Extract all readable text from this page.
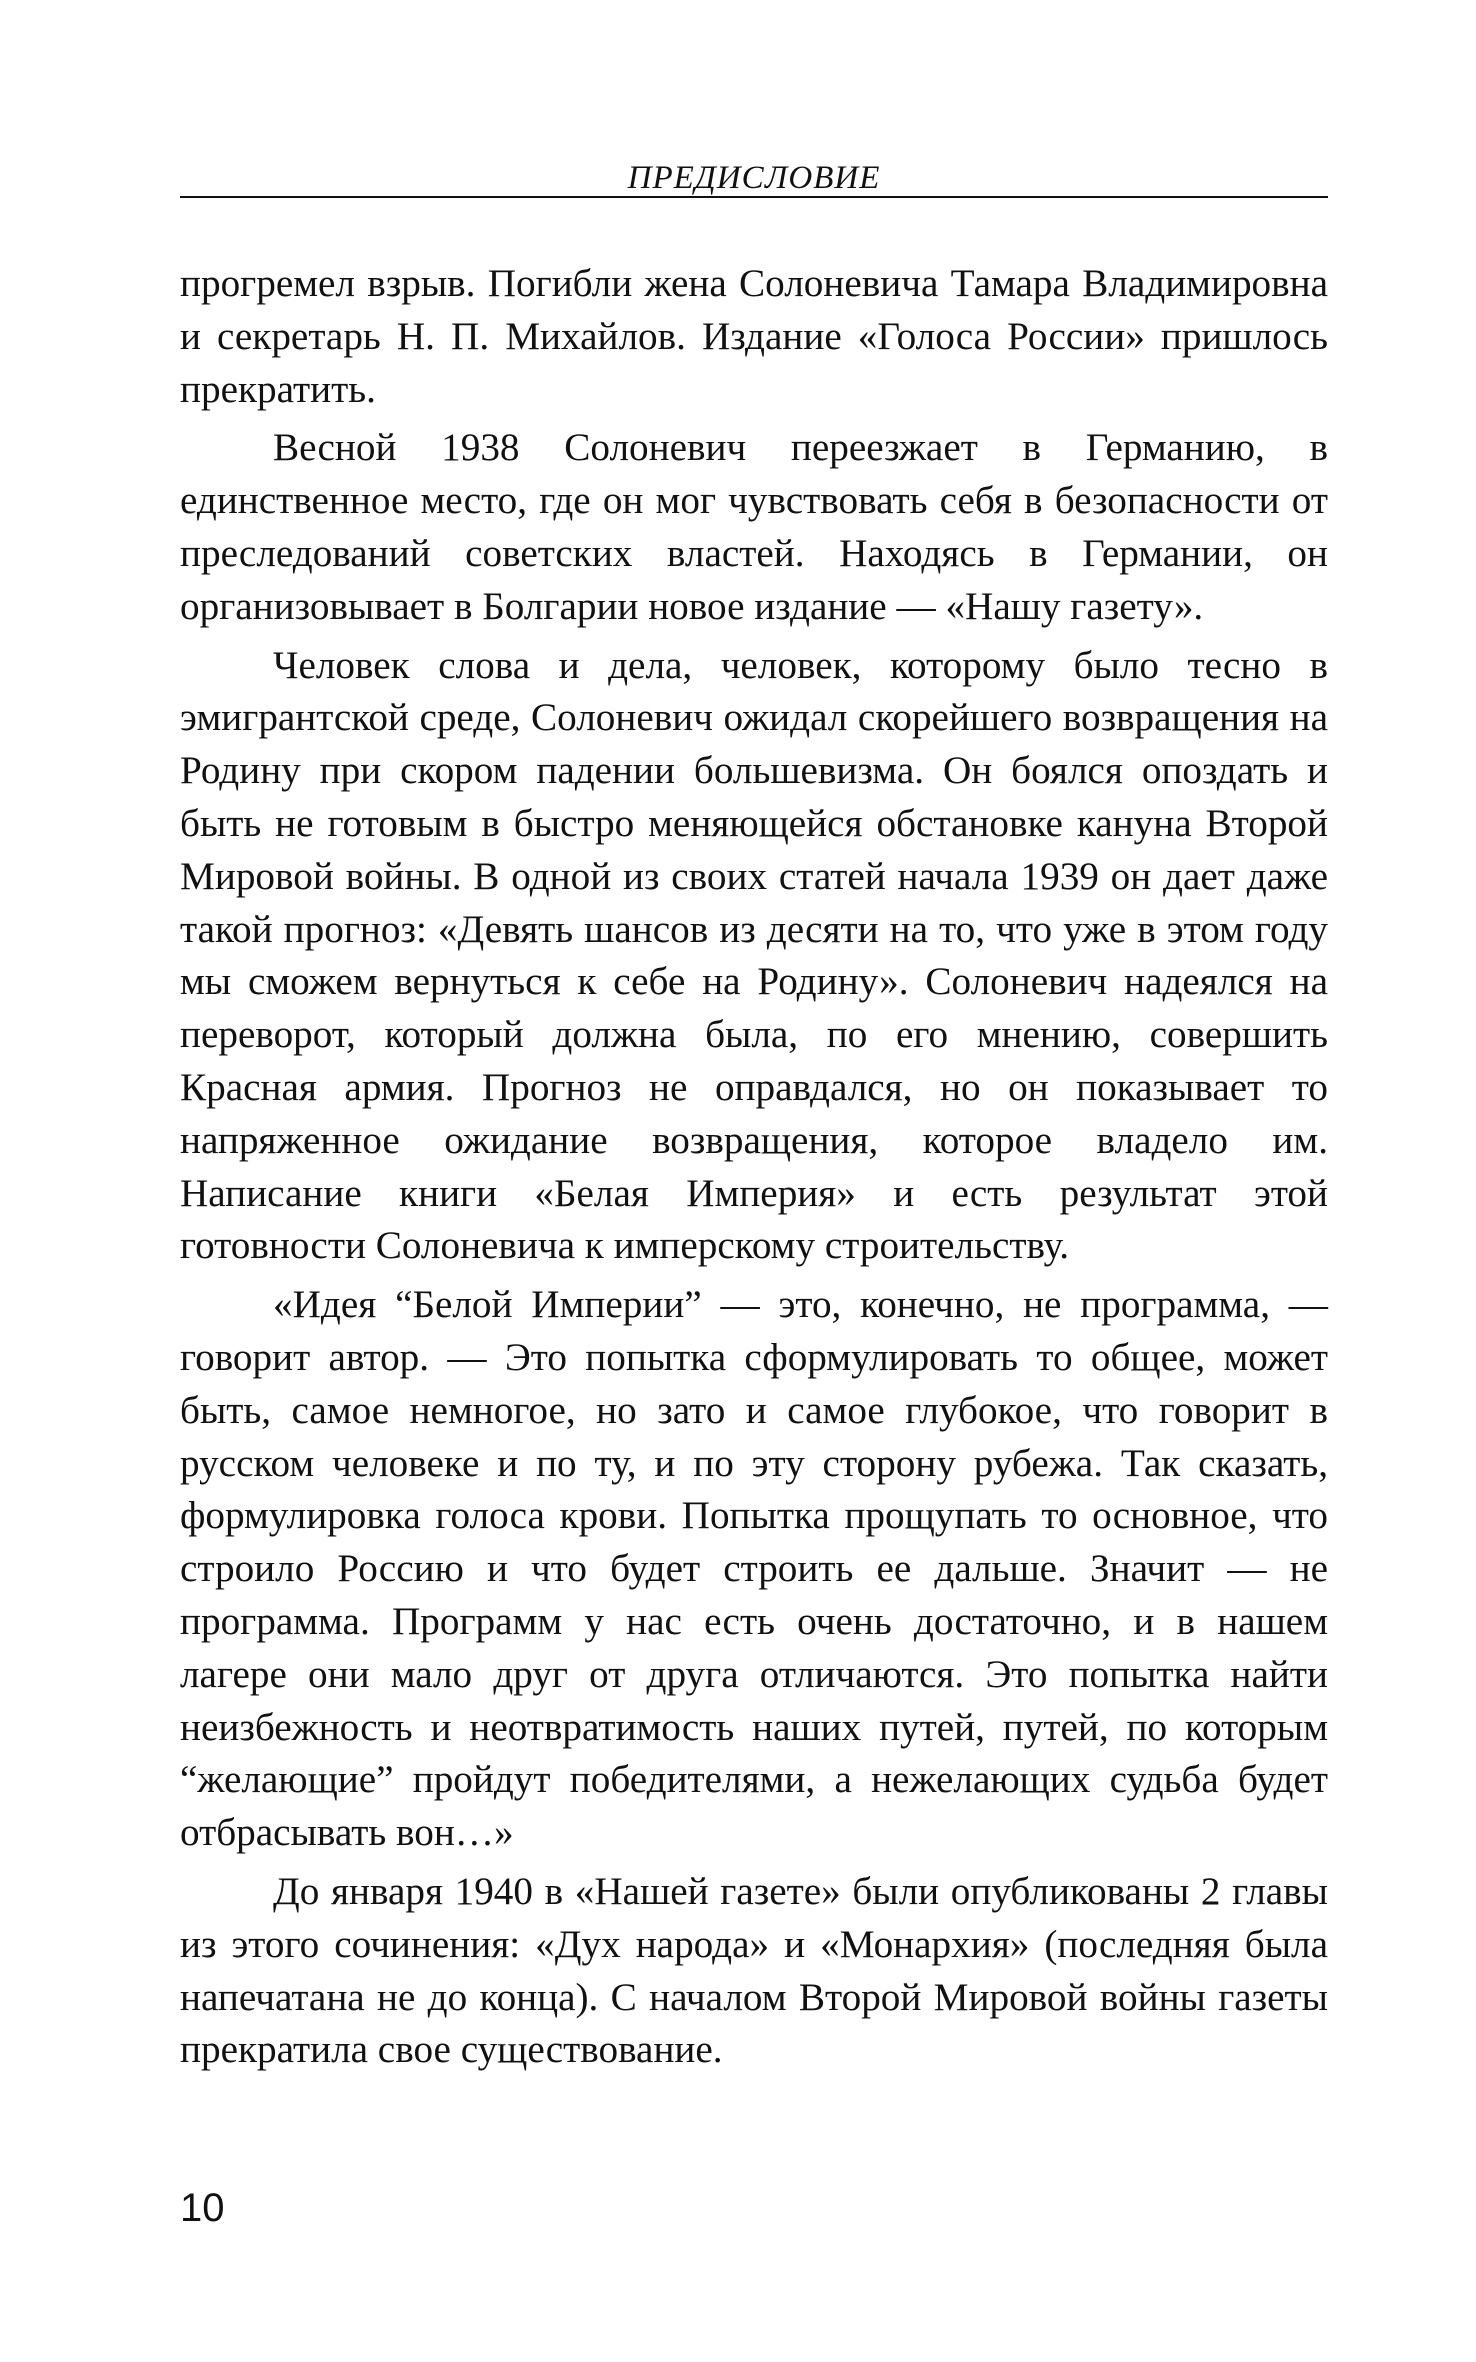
ПРЕДИСЛОВИЕ

прогремел взрыв. Погибли жена Солоневича Тамара Владимировна и секретарь Н. П. Михайлов. Издание «Голоса России» пришлось прекратить.

Весной 1938 Солоневич переезжает в Германию, в единственное место, где он мог чувствовать себя в безопасности от преследований советских властей. Находясь в Германии, он организовывает в Болгарии новое издание — «Нашу газету».

Человек слова и дела, человек, которому было тесно в эмигрантской среде, Солоневич ожидал скорейшего возвращения на Родину при скором падении большевизма. Он боялся опоздать и быть не готовым в быстро меняющейся обстановке кануна Второй Мировой войны. В одной из своих статей начала 1939 он дает даже такой прогноз: «Девять шансов из десяти на то, что уже в этом году мы сможем вернуться к себе на Родину». Солоневич надеялся на переворот, который должна была, по его мнению, совершить Красная армия. Прогноз не оправдался, но он показывает то напряженное ожидание возвращения, которое владело им. Написание книги «Белая Империя» и есть результат этой готовности Солоневича к имперскому строительству.

«Идея “Белой Империи” — это, конечно, не программа, — говорит автор. — Это попытка сформулировать то общее, может быть, самое немногое, но зато и самое глубокое, что говорит в русском человеке и по ту, и по эту сторону рубежа. Так сказать, формулировка голоса крови. Попытка прощупать то основное, что строило Россию и что будет строить ее дальше. Значит — не программа. Программ у нас есть очень достаточно, и в нашем лагере они мало друг от друга отличаются. Это попытка найти неизбежность и неотвратимость наших путей, путей, по которым “желающие” пройдут победителями, а нежелающих судьба будет отбрасывать вон…»

До января 1940 в «Нашей газете» были опубликованы 2 главы из этого сочинения: «Дух народа» и «Монархия» (последняя была напечатана не до конца). С началом Второй Мировой войны газеты прекратила свое существование.

10
